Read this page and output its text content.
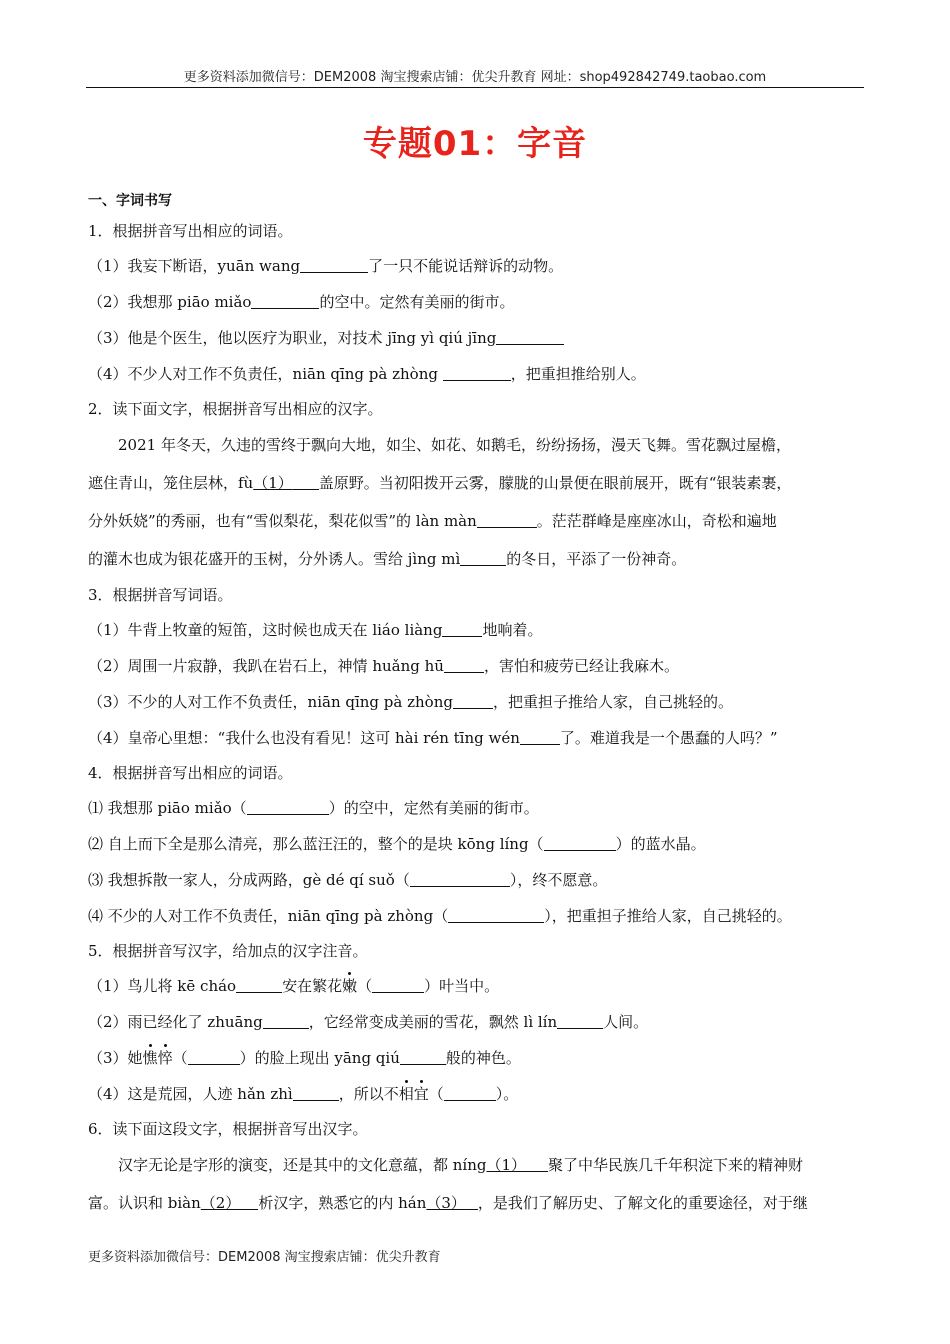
更多资料添加微信号：DEM2008 淘宝搜索店铺：优尖升教育 网址：shop492842749.taobao.com
专题01：字音
一、字词书写
1．根据拼音写出相应的词语。
（1）我妄下断语，yuān wang	了一只不能说话辩诉的动物。
（2）我想那 piāo miǎo	的空中。定然有美丽的街市。
（3）他是个医生，他以医疗为职业，对技术 jīng yì qiú jīng
（4）不少人对工作不负责任，niān qīng pà zhòng	，把重担推给别人。
2．读下面文字，根据拼音写出相应的汉字。
2021 年冬天，久违的雪终于飘向大地，如尘、如花、如鹅毛，纷纷扬扬，漫天飞舞。雪花飘过屋檐，
遮住青山，笼住层林，fù（1） 盖原野。当初阳拨开云雾，朦胧的山景便在眼前展开，既有“银装素裹，
分外妖娆”的秀丽，也有“雪似梨花，梨花似雪”的 làn màn	。茫茫群峰是座座冰山，奇松和遍地
的灌木也成为银花盛开的玉树，分外诱人。雪给 jìng mì	的冬日，平添了一份神奇。
3．根据拼音写词语。
（1）牛背上牧童的短笛，这时候也成天在 liáo liàng	地响着。
（2）周围一片寂静，我趴在岩石上，神情 huǎng hū	，害怕和疲劳已经让我麻木。
（3）不少的人对工作不负责任，niān qīng pà zhòng	，把重担子推给人家，自己挑轻的。
（4）皇帝心里想：“我什么也没有看见！这可 hài rén tīng wén	了。难道我是一个愚蠢的人吗？”
4．根据拼音写出相应的词语。
⑴ 我想那 piāo miǎo（	）的空中，定然有美丽的街市。
⑵ 自上而下全是那么清亮，那么蓝汪汪的，整个的是块 kōng líng（	）的蓝水晶。
⑶ 我想拆散一家人，分成两路，gè dé qí suǒ（	），终不愿意。
⑷ 不少的人对工作不负责任，niān qīng pà zhòng（	），把重担子推给人家，自己挑轻的。
5．根据拼音写汉字，给加点的汉字注音。
（1）鸟儿将 kē cháo	安在繁花嫩（	）叶当中。
（2）雨已经化了 zhuāng	，它经常变成美丽的雪花，飘然 lì lín	人间。
（3）她憔悴（	）的脸上现出 yāng qiú	般的神色。
（4）这是荒园，人迹 hǎn zhì	，所以不相宜（	）。
6．读下面这段文字，根据拼音写出汉字。
汉字无论是字形的演变，还是其中的文化意蕴，都 níng（1） 聚了中华民族几千年积淀下来的精神财
富。认识和 biàn（2） 析汉字，熟悉它的内 hán（3） ，是我们了解历史、了解文化的重要途径，对于继
更多资料添加微信号：DEM2008 淘宝搜索店铺：优尖升教育
